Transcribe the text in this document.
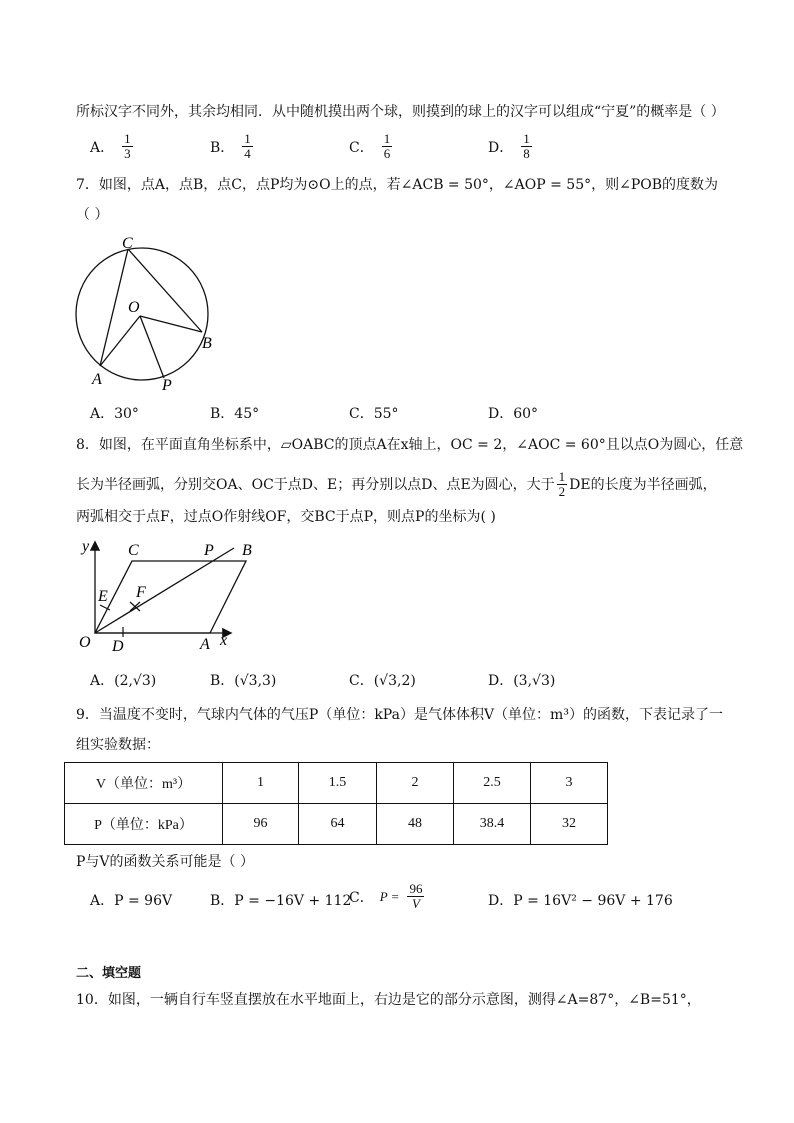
所标汉字不同外，其余均相同．从中随机摸出两个球，则摸到的球上的汉字可以组成“宁夏”的概率是（ ）
A． $\frac{1}{3}$	B． $\frac{1}{4}$	C． $\frac{1}{6}$	D． $\frac{1}{8}$
7．如图，点A，点B，点C，点P均为⊙O上的点，若∠ACB = 50°，∠AOP = 55°，则∠POB的度数为
（ ）
C
O
B
A	P
A．30°	B．45°	C．55°	D．60°
8．如图，在平面直角坐标系中，▱OABC的顶点A在x轴上，OC = 2，∠AOC = 60°且以点O为圆心，任意
长为半径画弧，分别交OA、OC于点D、E；再分别以点D、点E为圆心，大于 $\frac{1}{2}$ DE的长度为半径画弧，
两弧相交于点F，过点O作射线OF，交BC于点P，则点P的坐标为( )
y C	P B
E F
O D	A x
A．(2,√3)	B．(√3,3)	C．(√3,2)	D．(3,√3)
9．当温度不变时，气球内气体的气压P（单位：kPa）是气体体积V（单位：m³）的函数，下表记录了一
组实验数据：
V（单位：m³）	1	1.5	2	2.5	3
P（单位：kPa）	96	64	48	38.4	32
P与V的函数关系可能是（ ）
A．P = 96V	B．P = −16V + 112
C． $P = \frac{96}{V}$	D．P = 16V² − 96V + 176
二、填空题
10．如图，一辆自行车竖直摆放在水平地面上，右边是它的部分示意图，测得∠A=87°，∠B=51°，
